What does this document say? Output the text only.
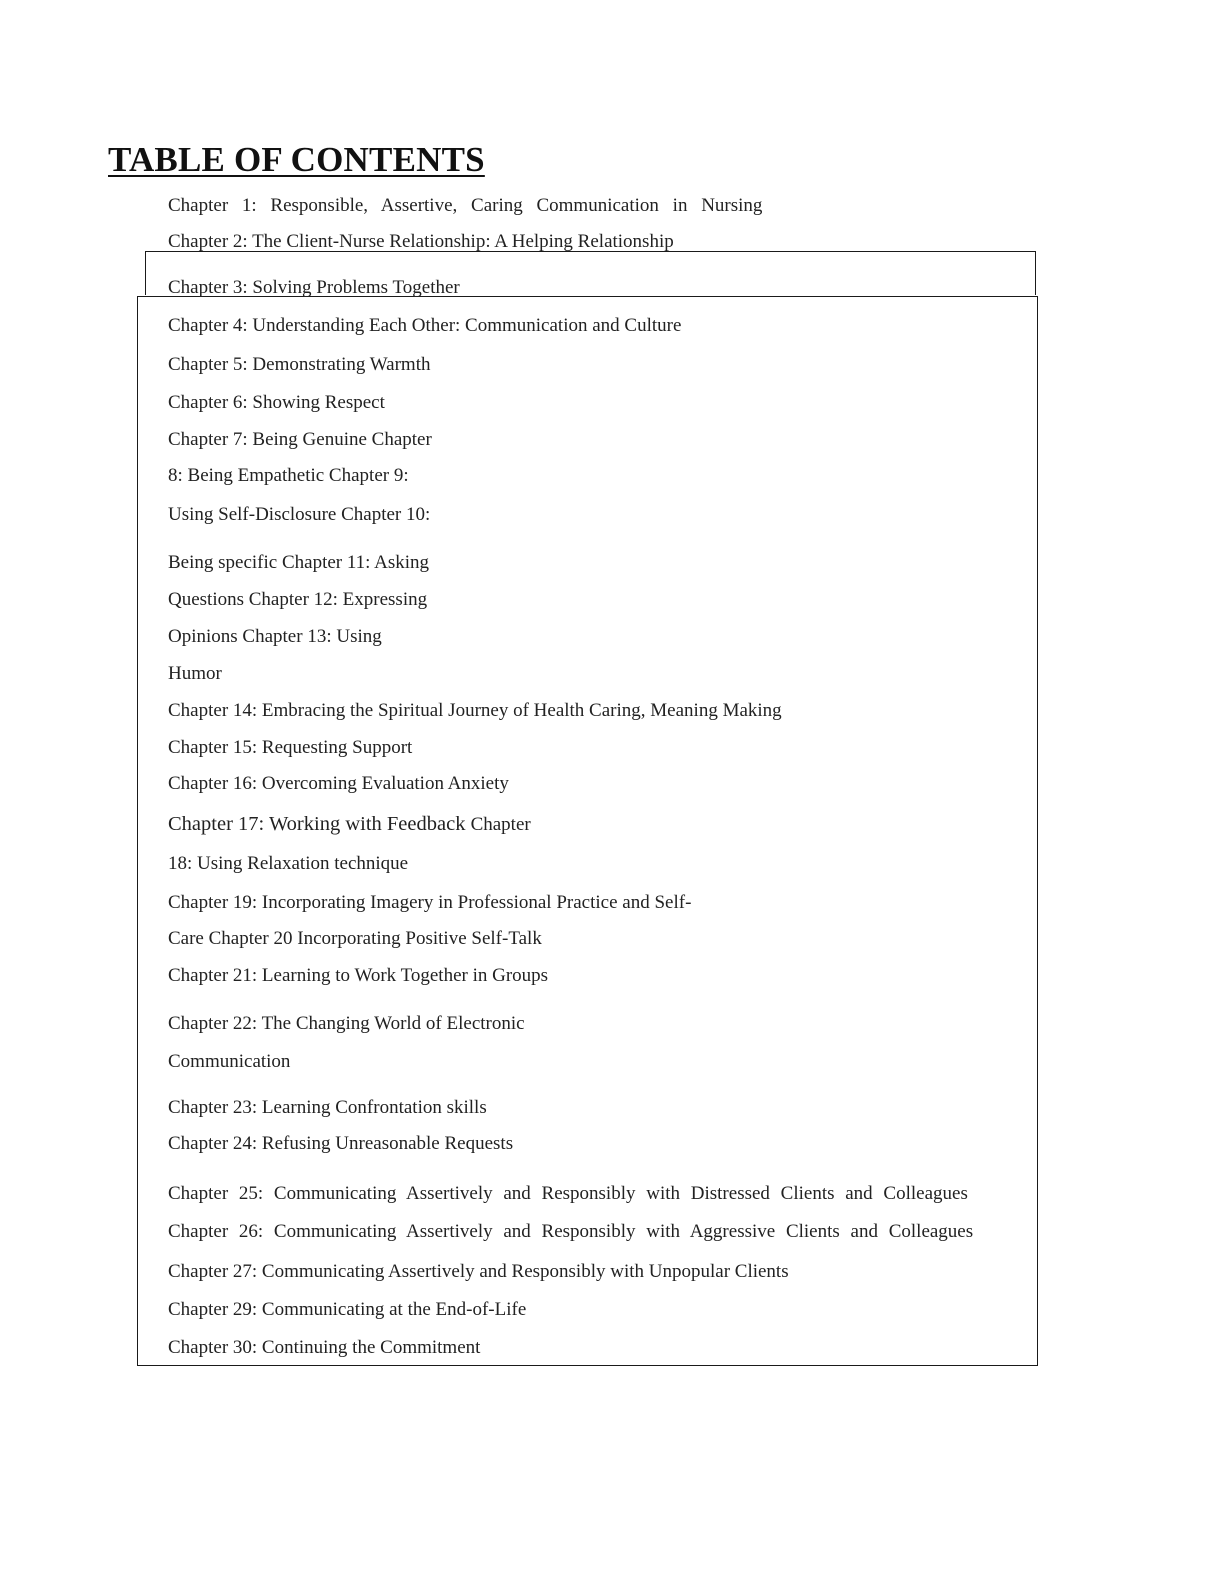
TABLE OF CONTENTS

Chapter 1: Responsible, Assertive, Caring Communication in Nursing

Chapter 2: The Client-Nurse Relationship: A Helping Relationship

Chapter 3: Solving Problems Together

Chapter 4: Understanding Each Other: Communication and Culture

Chapter 5: Demonstrating Warmth

Chapter 6: Showing Respect

Chapter 7: Being Genuine Chapter

8: Being Empathetic Chapter 9:

Using Self-Disclosure Chapter 10:

Being specific Chapter 11: Asking

Questions Chapter 12: Expressing

Opinions Chapter 13: Using

Humor

Chapter 14: Embracing the Spiritual Journey of Health Caring, Meaning Making

Chapter 15: Requesting Support

Chapter 16: Overcoming Evaluation Anxiety

Chapter 17: Working with Feedback Chapter

18: Using Relaxation technique

Chapter 19: Incorporating Imagery in Professional Practice and Self-

Care Chapter 20 Incorporating Positive Self-Talk

Chapter 21: Learning to Work Together in Groups

Chapter 22: The Changing World of Electronic

Communication

Chapter 23: Learning Confrontation skills

Chapter 24: Refusing Unreasonable Requests

Chapter 25: Communicating Assertively and Responsibly with Distressed Clients and Colleagues

Chapter 26: Communicating Assertively and Responsibly with Aggressive Clients and Colleagues

Chapter 27: Communicating Assertively and Responsibly with Unpopular Clients

Chapter 29: Communicating at the End-of-Life

Chapter 30: Continuing the Commitment
